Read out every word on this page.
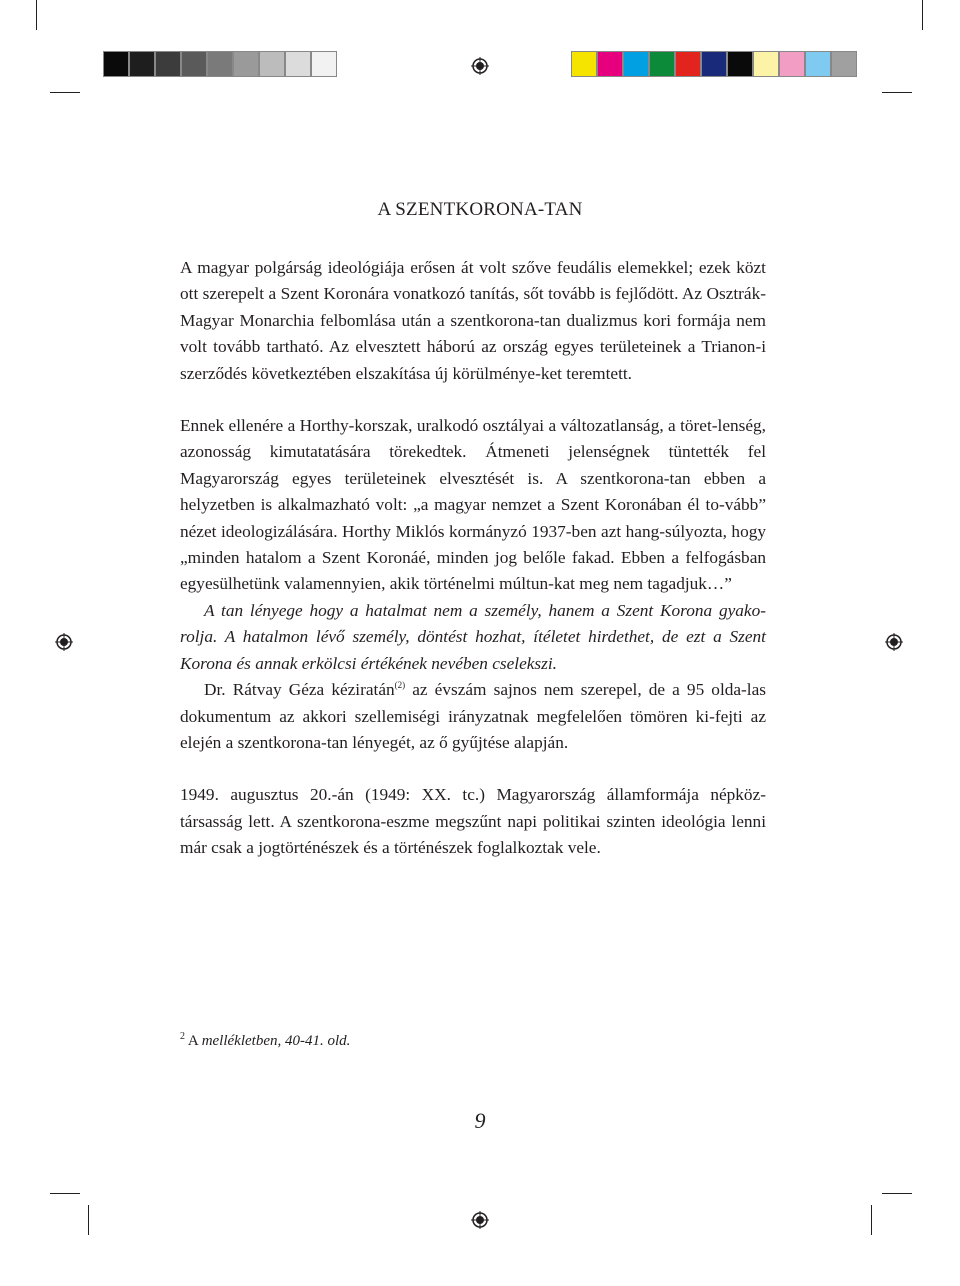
A SZENTKORONA-TAN

A magyar polgárság ideológiája erősen át volt szőve feudális elemekkel; ezek közt ott szerepelt a Szent Koronára vonatkozó tanítás, sőt tovább is fejlődött. Az Osztrák-Magyar Monarchia felbomlása után a szentkorona-tan dualizmus kori formája nem volt tovább tartható. Az elvesztett háború az ország egyes területeinek a Trianon-i szerződés következtében elszakítása új körülménye-ket teremtett.

Ennek ellenére a Horthy-korszak, uralkodó osztályai a változatlanság, a töret-lenség, azonosság kimutatatására törekedtek. Átmeneti jelenségnek tüntették fel Magyarország egyes területeinek elvesztését is. A szentkorona-tan ebben a helyzetben is alkalmazható volt: „a magyar nemzet a Szent Koronában él to-vább” nézet ideologizálására. Horthy Miklós kormányzó 1937-ben azt hang-súlyozta, hogy „minden hatalom a Szent Koronáé, minden jog belőle fakad. Ebben a felfogásban egyesülhetünk valamennyien, akik történelmi múltun-kat meg nem tagadjuk…”

A tan lényege hogy a hatalmat nem a személy, hanem a Szent Korona gyako-rolja. A hatalmon lévő személy, döntést hozhat, ítéletet hirdethet, de ezt a Szent Korona és annak erkölcsi értékének nevében cselekszi.

Dr. Rátvay Géza kéziratán$^{(2)}$ az évszám sajnos nem szerepel, de a 95 olda-las dokumentum az akkori szellemiségi irányzatnak megfelelően tömören ki-fejti az elején a szentkorona-tan lényegét, az ő gyűjtése alapján.

1949. augusztus 20.-án (1949: XX. tc.) Magyarország államformája népköz-társasság lett. A szentkorona-eszme megszűnt napi politikai szinten ideológia lenni már csak a jogtörténészek és a történészek foglalkoztak vele.

$^2$ A mellékletben, 40-41. old.
9
